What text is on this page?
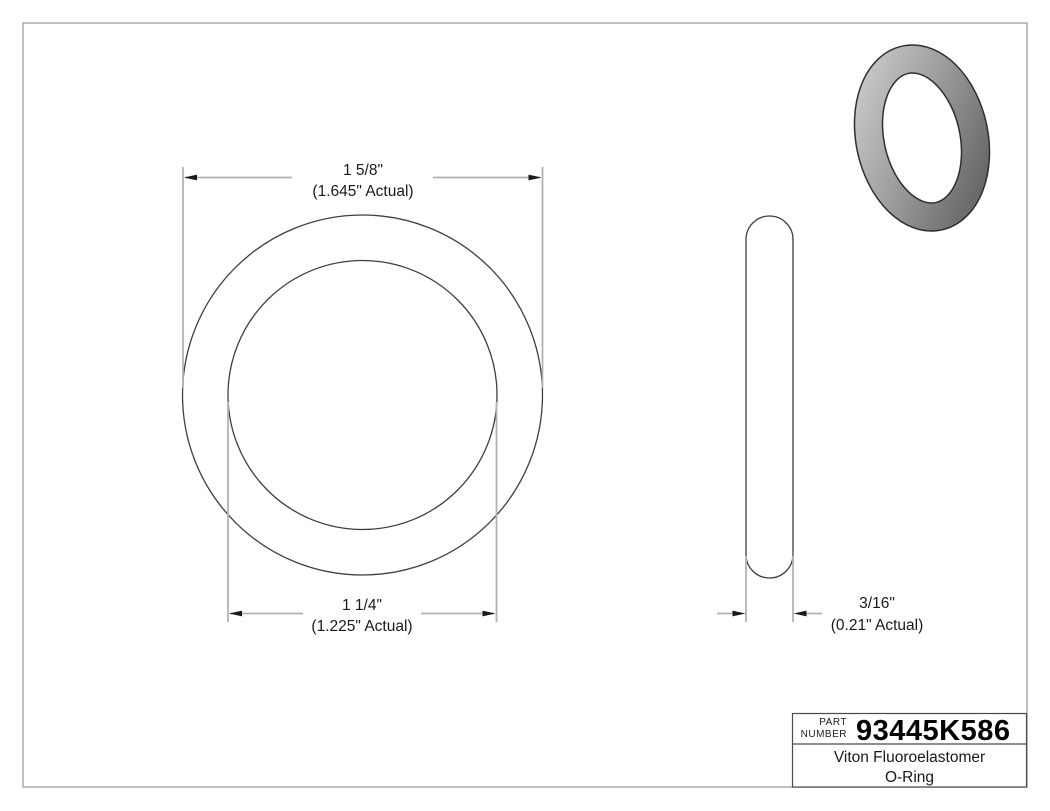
1 5/8"
(1.645" Actual)
1 1/4"
(1.225" Actual)
3/16"
(0.21" Actual)
PART
NUMBER 93445K586
Viton Fluoroelastomer
O-Ring
